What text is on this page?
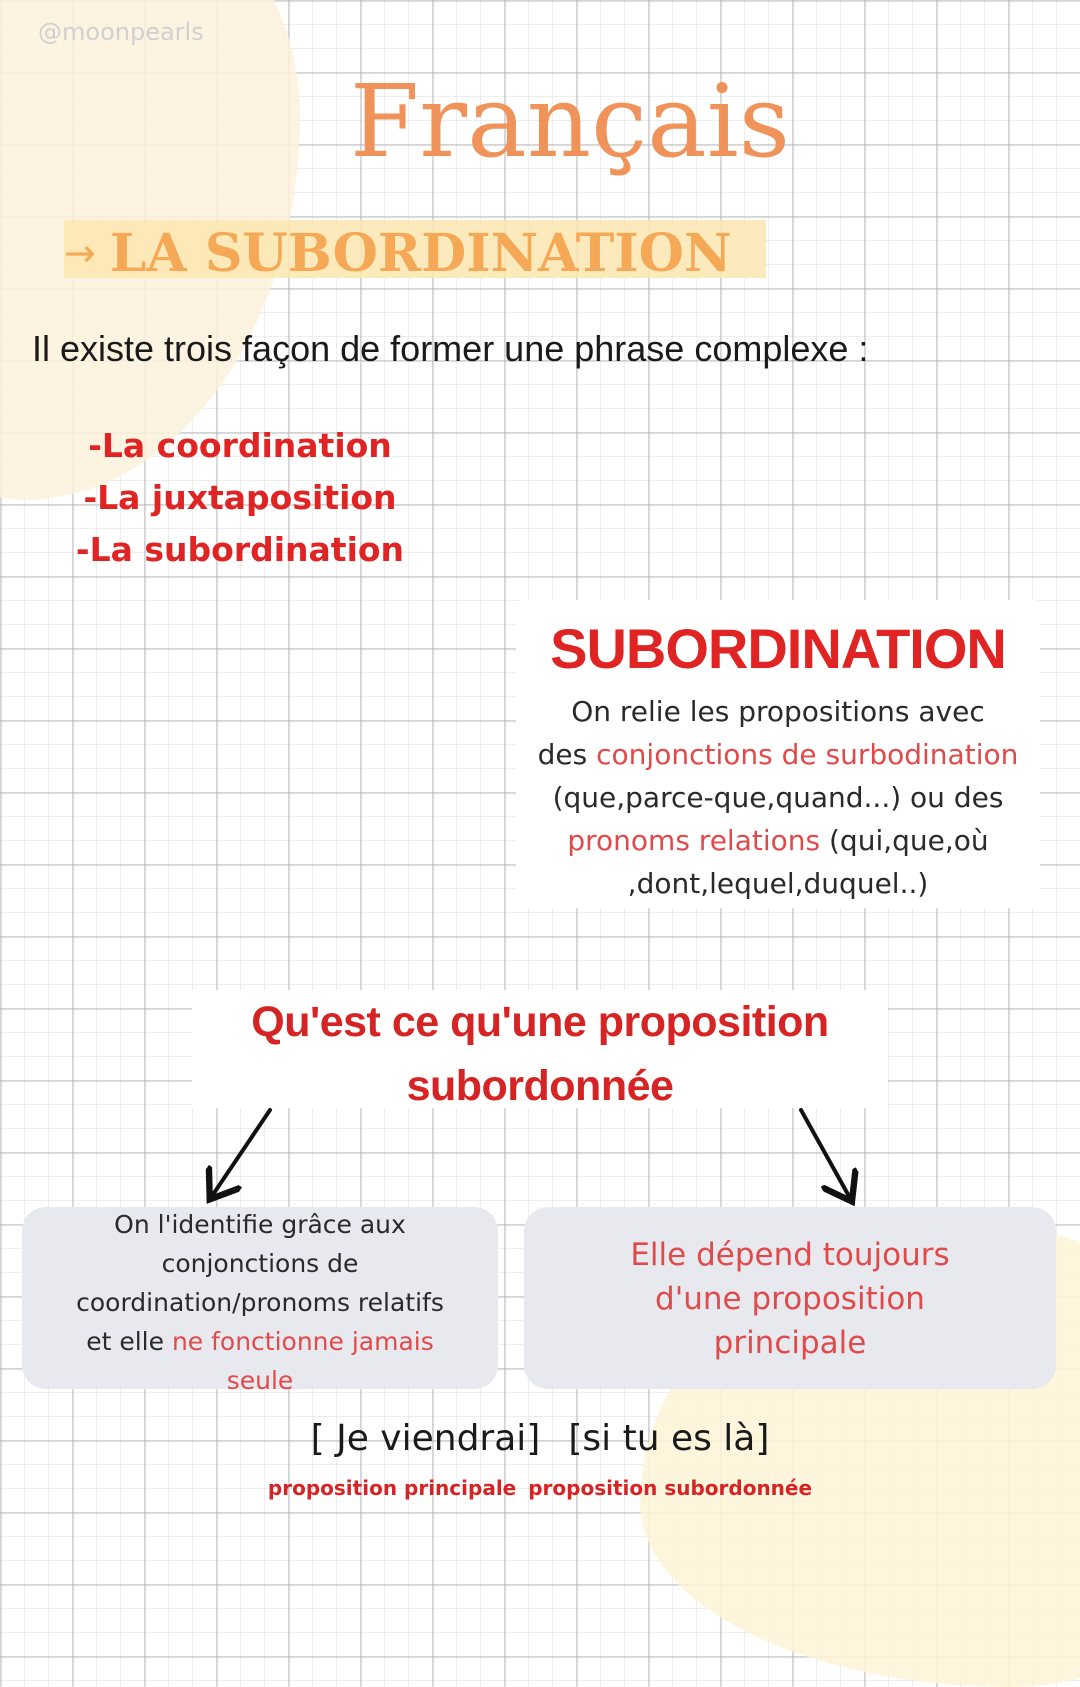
@moonpearls
Français
→ LA SUBORDINATION
Il existe trois façon de former une phrase complexe :
-La coordination
-La juxtaposition
-La subordination
SUBORDINATION
On relie les propositions avec
des conjonctions de surbodination
(que,parce-que,quand...) ou des
pronoms relations (qui,que,où
,dont,lequel,duquel..)
Qu'est ce qu'une proposition
subordonnée
On l'identifie grâce aux
conjonctions de
coordination/pronoms relatifs
et elle ne fonctionne jamais
seule
Elle dépend toujours d'une proposition principale
[ Je viendrai] [si tu es là]
proposition principale proposition subordonnée
